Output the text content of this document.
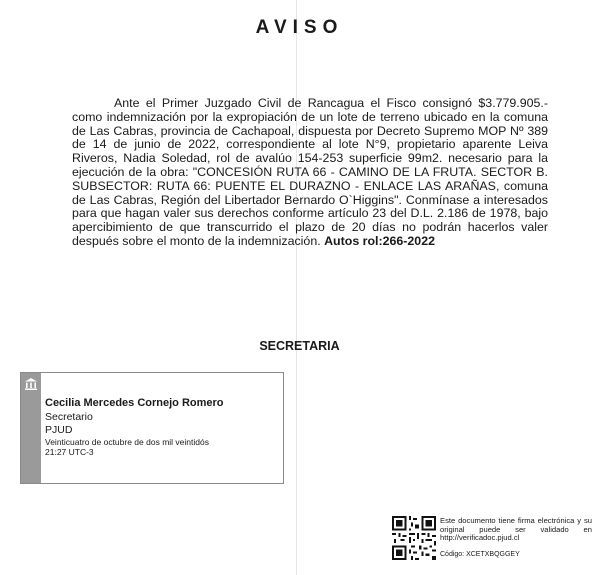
AVISO
Ante el Primer Juzgado Civil de Rancagua el Fisco consignó $3.779.905.- como indemnización por la expropiación de un lote de terreno ubicado en la comuna de Las Cabras, provincia de Cachapoal, dispuesta por Decreto Supremo MOP Nº 389 de 14 de junio de 2022, correspondiente al lote N°9, propietario aparente Leiva Riveros, Nadia Soledad, rol de avalúo 154-253 superficie 99m2. necesario para la ejecución de la obra: "CONCESIÓN RUTA 66 - CAMINO DE LA FRUTA. SECTOR B. SUBSECTOR: RUTA 66: PUENTE EL DURAZNO - ENLACE LAS ARAÑAS, comuna de Las Cabras, Región del Libertador Bernardo O`Higgins". Conmínase a interesados para que hagan valer sus derechos conforme artículo 23 del D.L. 2.186 de 1978, bajo apercibimiento de que transcurrido el plazo de 20 días no podrán hacerlos valer después sobre el monto de la indemnización. Autos rol:266-2022
SECRETARIA
Cecilia Mercedes Cornejo Romero
Secretario
PJUD
Veinticuatro de octubre de dos mil veintidós
21:27 UTC-3
Este documento tiene firma electrónica y su original puede ser validado en http://verificadoc.pjud.cl
Código: XCETXBQGGEY
